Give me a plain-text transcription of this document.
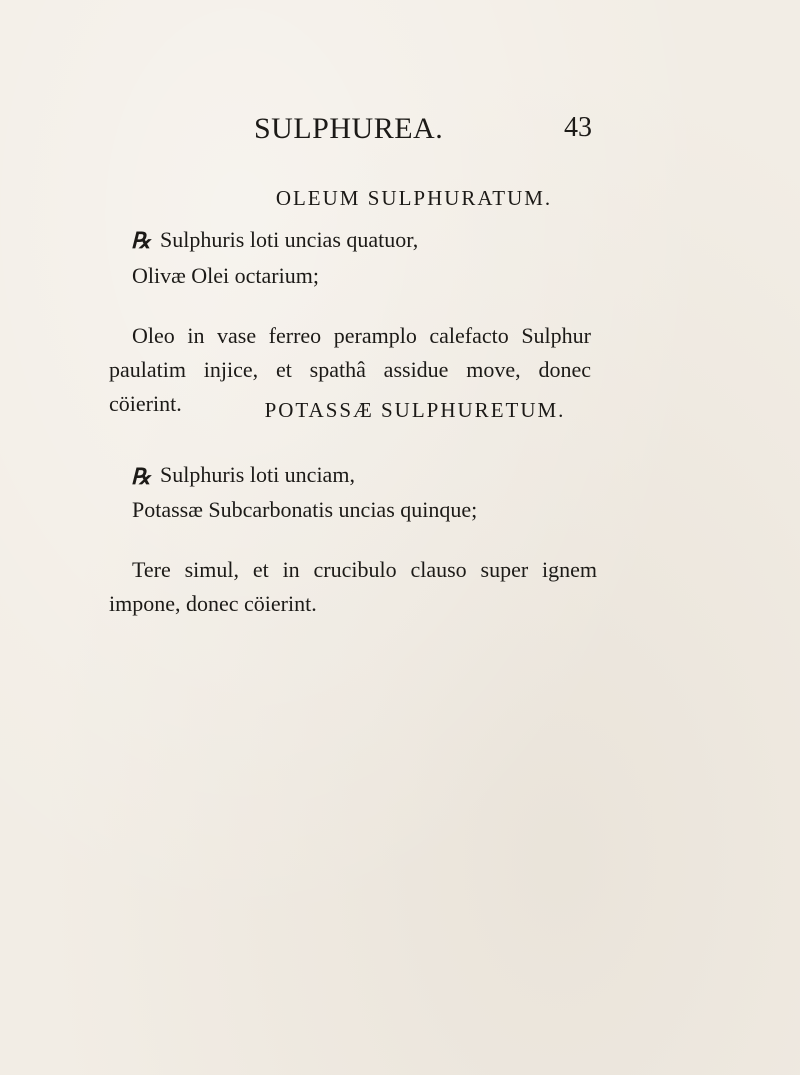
SULPHUREA.	43
OLEUM SULPHURATUM.
℞ Sulphuris loti uncias quatuor,
Olivæ Olei octarium;
Oleo in vase ferreo peramplo calefacto Sulphur
paulatim injice, et spathâ assidue move, donec
cöierint.	POTASSÆ SULPHURETUM.
℞ Sulphuris loti unciam,
Potassæ Subcarbonatis uncias quinque;
Tere simul, et in crucibulo clauso super ignem
impone, donec cöierint.
